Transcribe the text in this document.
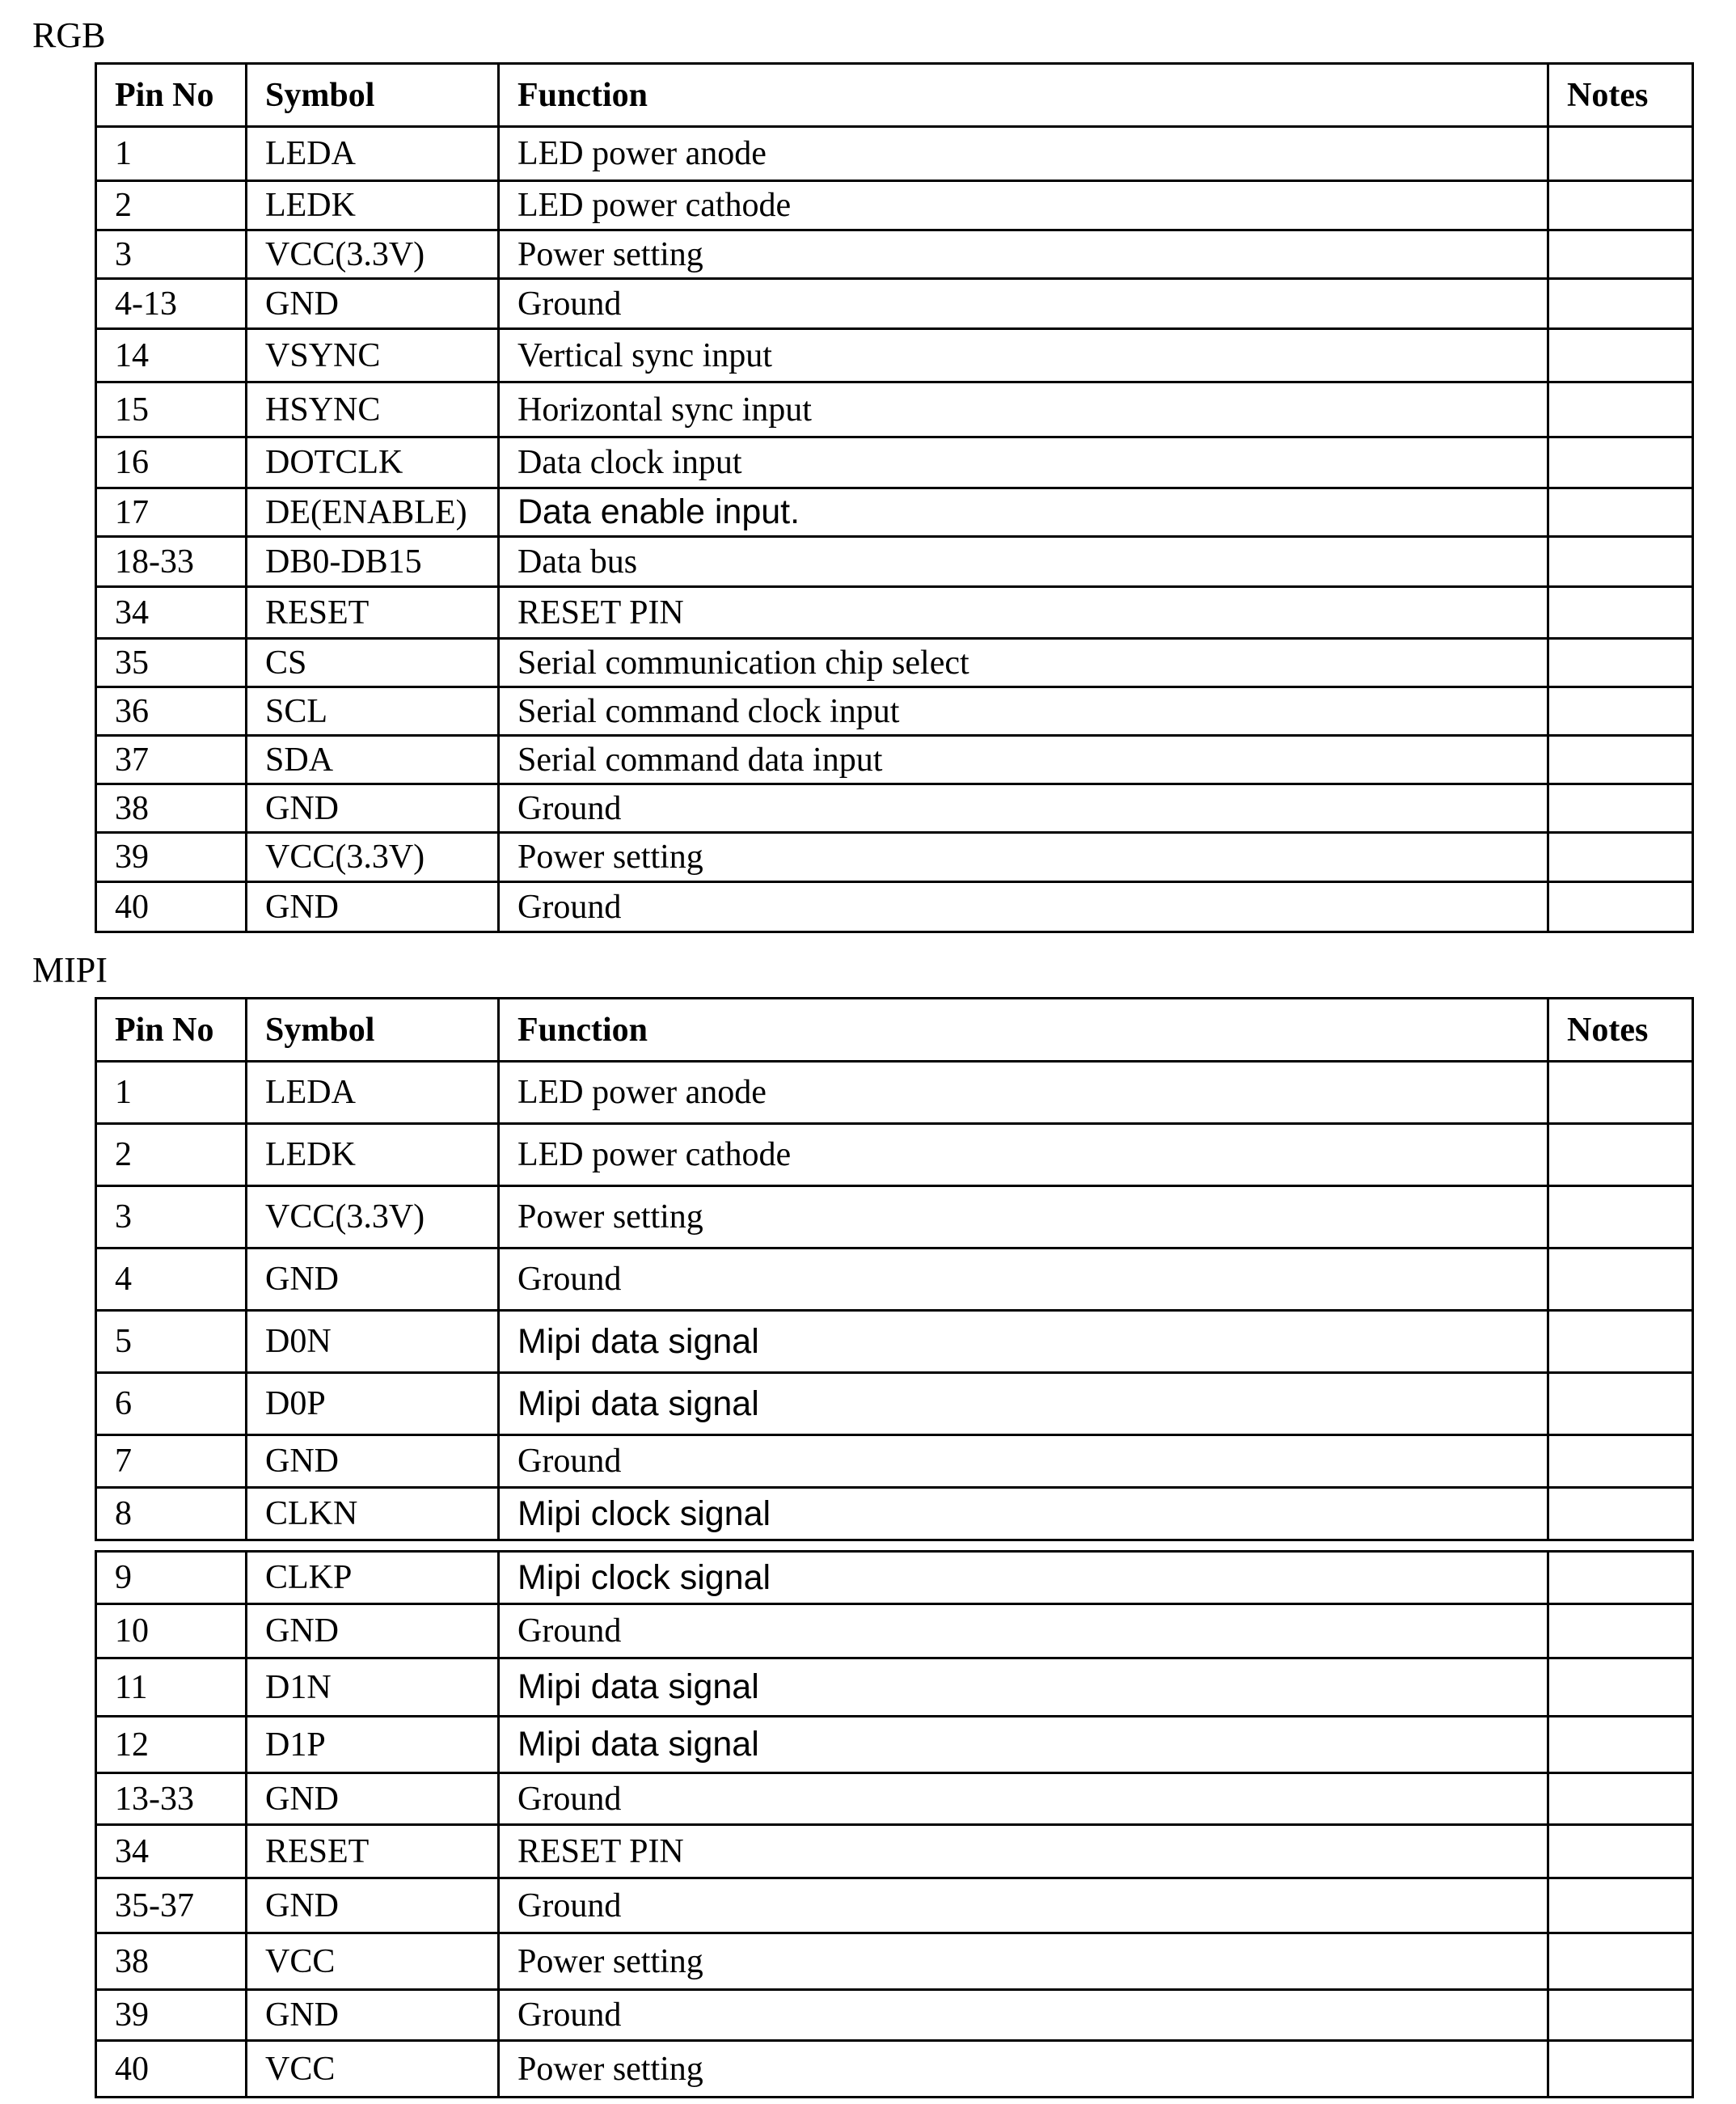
RGB
Pin No	Symbol	Function	Notes
1	LEDA	LED power anode	
2	LEDK	LED power cathode	
3	VCC(3.3V)	Power setting	
4-13	GND	Ground	
14	VSYNC	Vertical sync input	
15	HSYNC	Horizontal sync input	
16	DOTCLK	Data clock input	
17	DE(ENABLE)	Data enable input.	
18-33	DB0-DB15	Data bus	
34	RESET	RESET PIN	
35	CS	Serial communication chip select	
36	SCL	Serial command clock input	
37	SDA	Serial command data input	
38	GND	Ground	
39	VCC(3.3V)	Power setting	
40	GND	Ground	
MIPI
Pin No	Symbol	Function	Notes
1	LEDA	LED power anode	
2	LEDK	LED power cathode	
3	VCC(3.3V)	Power setting	
4	GND	Ground	
5	D0N	Mipi data signal	
6	D0P	Mipi data signal	
7	GND	Ground	
8	CLKN	Mipi clock signal	
9	CLKP	Mipi clock signal	
10	GND	Ground	
11	D1N	Mipi data signal	
12	D1P	Mipi data signal	
13-33	GND	Ground	
34	RESET	RESET PIN	
35-37	GND	Ground	
38	VCC	Power setting	
39	GND	Ground	
40	VCC	Power setting	
